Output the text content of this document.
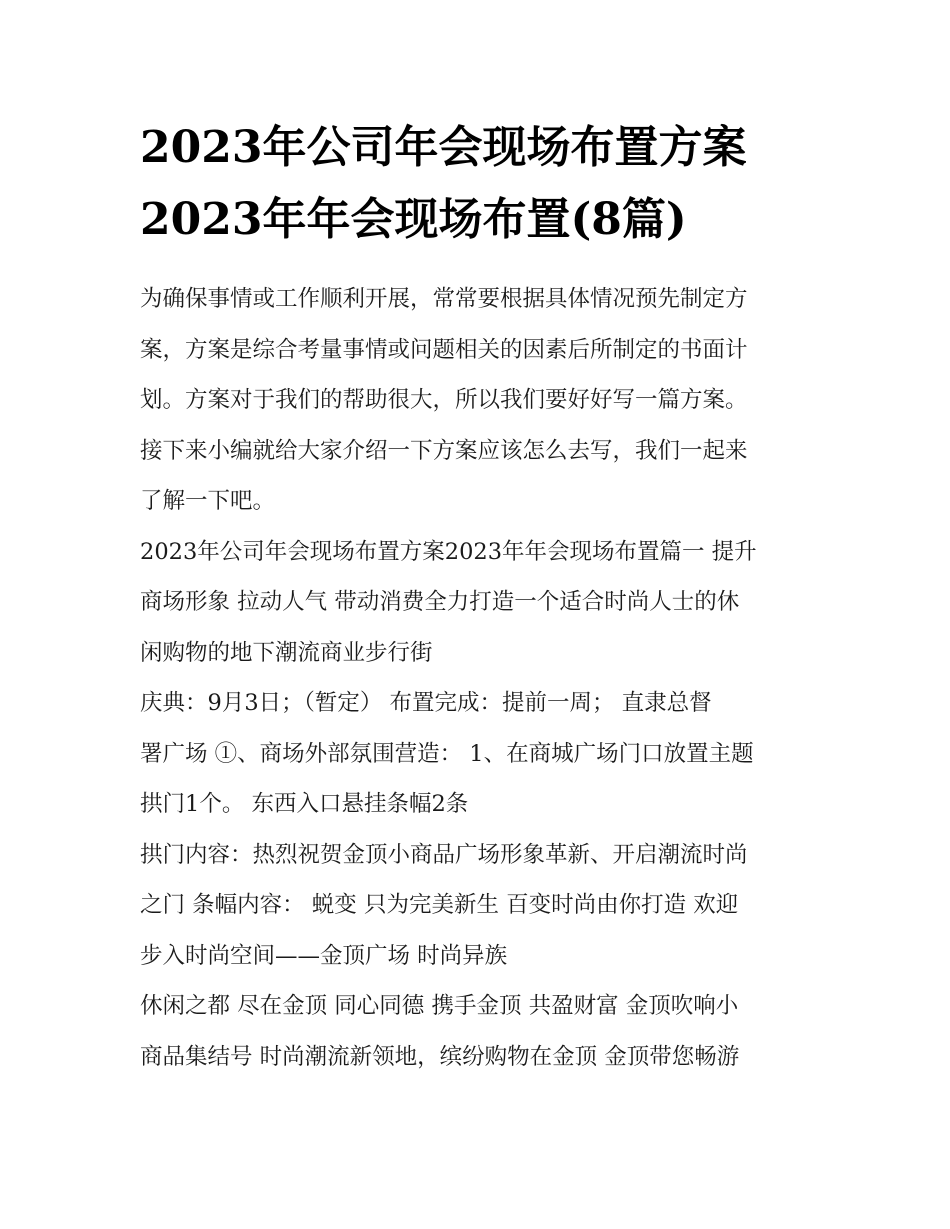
2023年公司年会现场布置方案
2023年年会现场布置(8篇)
为确保事情或工作顺利开展，常常要根据具体情况预先制定方
案，方案是综合考量事情或问题相关的因素后所制定的书面计
划。方案对于我们的帮助很大，所以我们要好好写一篇方案。
接下来小编就给大家介绍一下方案应该怎么去写，我们一起来
了解一下吧。
2023年公司年会现场布置方案2023年年会现场布置篇一 提升
商场形象 拉动人气 带动消费全力打造一个适合时尚人士的休
闲购物的地下潮流商业步行街
庆典：9月3日；（暂定） 布置完成：提前一周； 直隶总督
署广场 ①、商场外部氛围营造： 1、在商城广场门口放置主题
拱门1个。 东西入口悬挂条幅2条
拱门内容：热烈祝贺金顶小商品广场形象革新、开启潮流时尚
之门 条幅内容： 蜕变 只为完美新生 百变时尚由你打造 欢迎
步入时尚空间——金顶广场 时尚异族
休闲之都 尽在金顶 同心同德 携手金顶 共盈财富 金顶吹响小
商品集结号 时尚潮流新领地，缤纷购物在金顶 金顶带您畅游
